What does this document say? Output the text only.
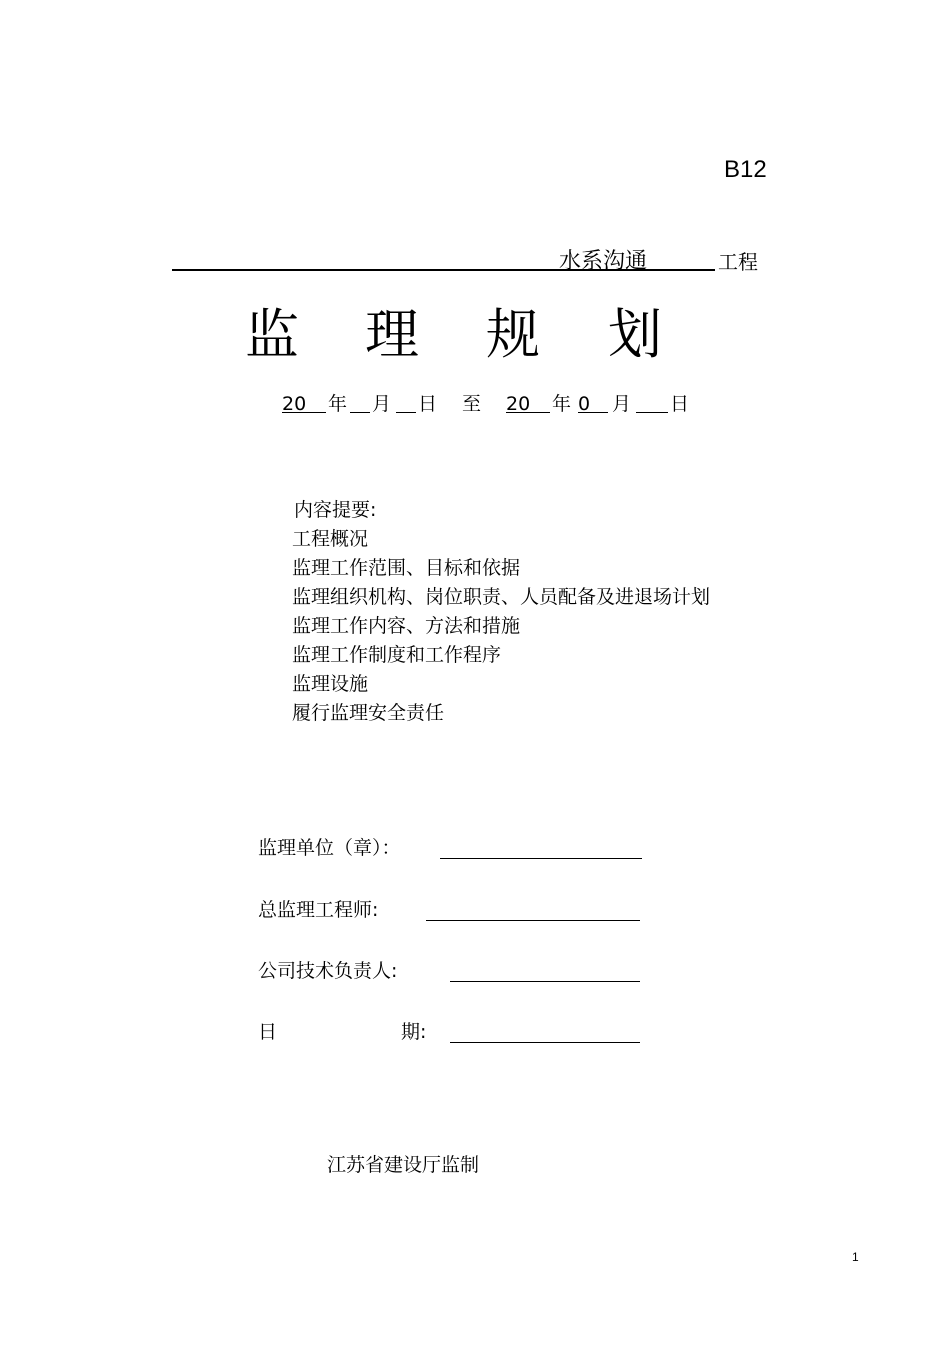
B12
水系沟通	工程
监 理 规 划
20	年 月 日 至 20	年 0	月 日
内容提要:
工程概况
监理工作范围、目标和依据
监理组织机构、岗位职责、人员配备及进退场计划
监理工作内容、方法和措施
监理工作制度和工作程序
监理设施
履行监理安全责任
监理单位（章）：
总监理工程师:
公司技术负责人:
日	期:
江苏省建设厅监制
1
